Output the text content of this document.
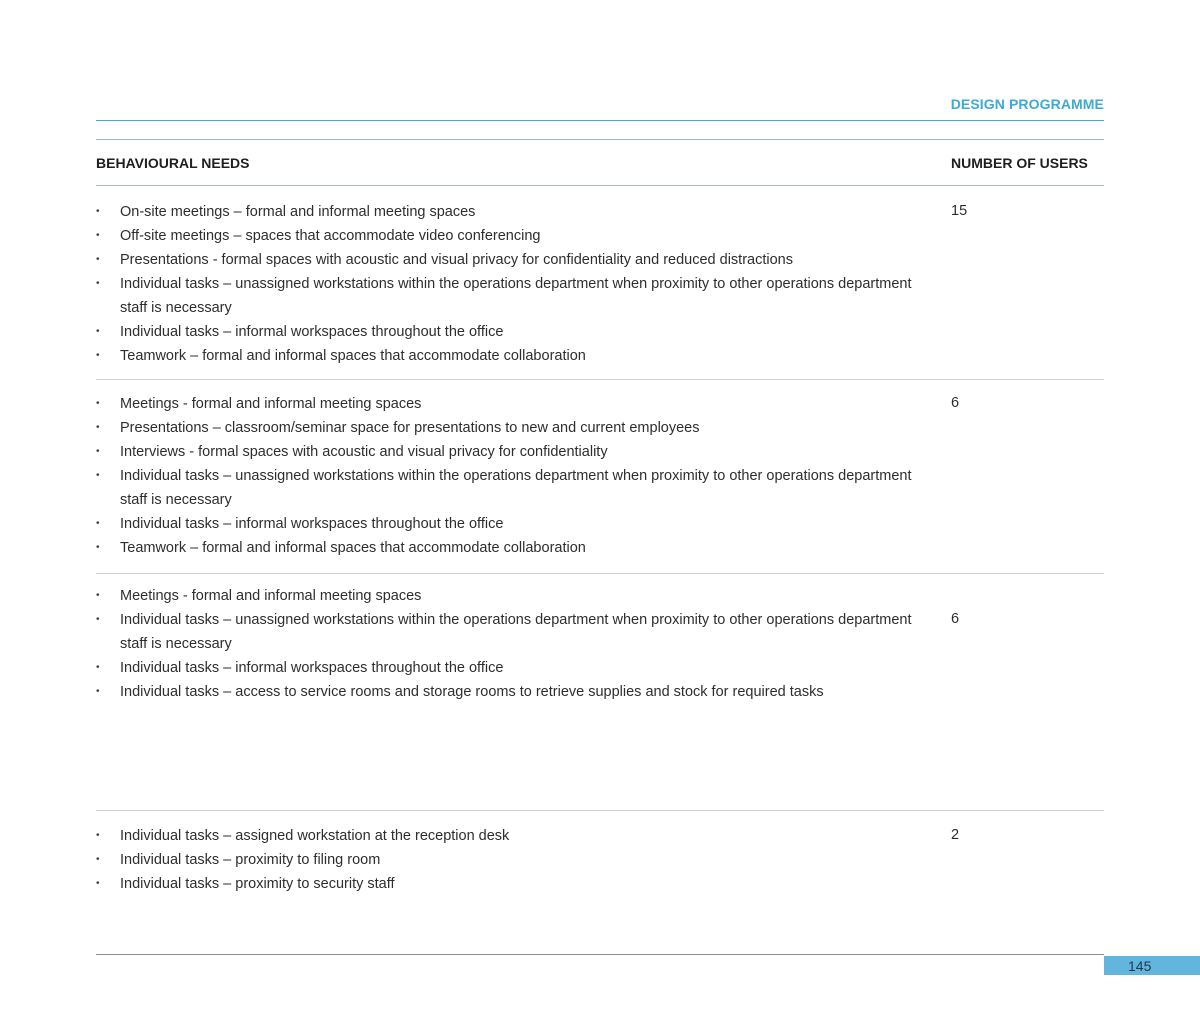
DESIGN PROGRAMME
BEHAVIOURAL NEEDS	NUMBER OF USERS
•	On-site meetings – formal and informal meeting spaces
•	Off-site meetings – spaces that accommodate video conferencing
•	Presentations - formal spaces with acoustic and visual privacy for confidentiality and reduced distractions
•	Individual tasks – unassigned workstations within the operations department when proximity to other operations department staff is necessary
•	Individual tasks – informal workspaces throughout the office
•	Teamwork – formal and informal spaces that accommodate collaboration
15
•	Meetings - formal and informal meeting spaces
•	Presentations – classroom/seminar space for presentations to new and current employees
•	Interviews - formal spaces with acoustic and visual privacy for confidentiality
•	Individual tasks – unassigned workstations within the operations department when proximity to other operations department staff is necessary
•	Individual tasks – informal workspaces throughout the office
•	Teamwork – formal and informal spaces that accommodate collaboration
6
•	Meetings - formal and informal meeting spaces
•	Individual tasks – unassigned workstations within the operations department when proximity to other operations department staff is necessary
•	Individual tasks – informal workspaces throughout the office
•	Individual tasks – access to service rooms and storage rooms to retrieve supplies and stock for required tasks
6
•	Individual tasks – assigned workstation at the reception desk
•	Individual tasks – proximity to filing room
•	Individual tasks – proximity to security staff
2
145
